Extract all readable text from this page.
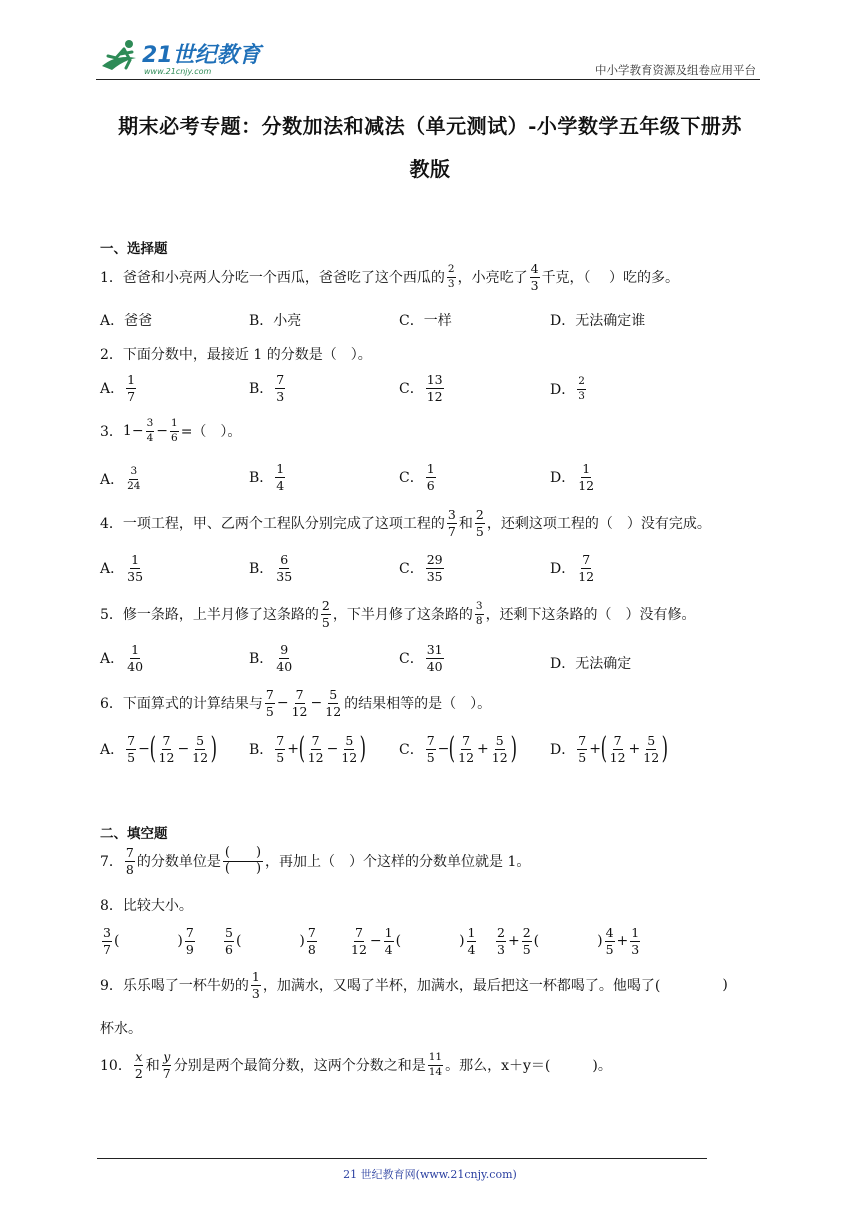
21世纪教育
www.21cnjy.com	中小学教育资源及组卷应用平台
期末必考专题：分数加法和减法（单元测试）-小学数学五年级下册苏
教版
一、选择题
1． 爸爸和小亮两人分吃一个西瓜，爸爸吃了这个西瓜的 $\frac{2}{3}$ ，小亮吃了 $\frac{4}{3}$ 千克，（　 ）吃的多。
A．爸爸	B．小亮	C．一样	D．无法确定谁
2．下面分数中，最接近 1 的分数是（　）。
A． $\frac{1}{7}$	B． $\frac{7}{3}$	C． $\frac{13}{12}$	D． $\frac{2}{3}$
3． $1 - \frac{3}{4} - \frac{1}{6}$ =（　）。
A． $\frac{3}{24}$	B． $\frac{1}{4}$	C． $\frac{1}{6}$	D． $\frac{1}{12}$
4． 一项工程，甲、乙两个工程队分别完成了这项工程的 $\frac{3}{7}$ 和 $\frac{2}{5}$ ，还剩这项工程的（　）没有完成。
A． $\frac{1}{35}$	B． $\frac{6}{35}$	C． $\frac{29}{35}$	D． $\frac{7}{12}$
5． 修一条路，上半月修了这条路的 $\frac{2}{5}$ ，下半月修了这条路的 $\frac{3}{8}$ ，还剩下这条路的（　）没有修。
A． $\frac{1}{40}$	B． $\frac{9}{40}$	C． $\frac{31}{40}$	D． 无法确定
6． 下面算式的计算结果与 $\frac{7}{5} - \frac{7}{12} - \frac{5}{12}$ 的结果相等的是（　）。
A． $\frac{7}{5}$ − ( $\frac{7}{12} - \frac{5}{12}$ ) B． $\frac{7}{5}$ + ( $\frac{7}{12} - \frac{5}{12}$ ) C． $\frac{7}{5}$ − ( $\frac{7}{12} + \frac{5}{12}$ ) D． $\frac{7}{5}$ + ( $\frac{7}{12} + \frac{5}{12}$ )
二、填空题
7． $\frac{7}{8}$ 的分数单位是
(　　)
(　　) ，再加上（　）个这样的分数单位就是 1。
8．比较大小。
$\frac{3}{7}$ (	) $\frac{7}{9} \frac{5}{6}$ (	) $\frac{7}{8}$	$\frac{7}{12} - \frac{1}{4}$ (	) $\frac{1}{4} \frac{2}{3} + \frac{2}{5}$ (	) $\frac{4}{5} + \frac{1}{3}$
9． 乐乐喝了一杯牛奶的 $\frac{1}{3}$ ，加满水，又喝了半杯，加满水，最后把这一杯都喝了。他喝了(	)
杯水。
10． $\frac{x}{2}$ 和 $\frac{y}{7}$ 分别是两个最简分数，这两个分数之和是 $\frac{11}{14}$ 。那么，x＋y＝(　　　)。
21 世纪教育网(www.21cnjy.com)
